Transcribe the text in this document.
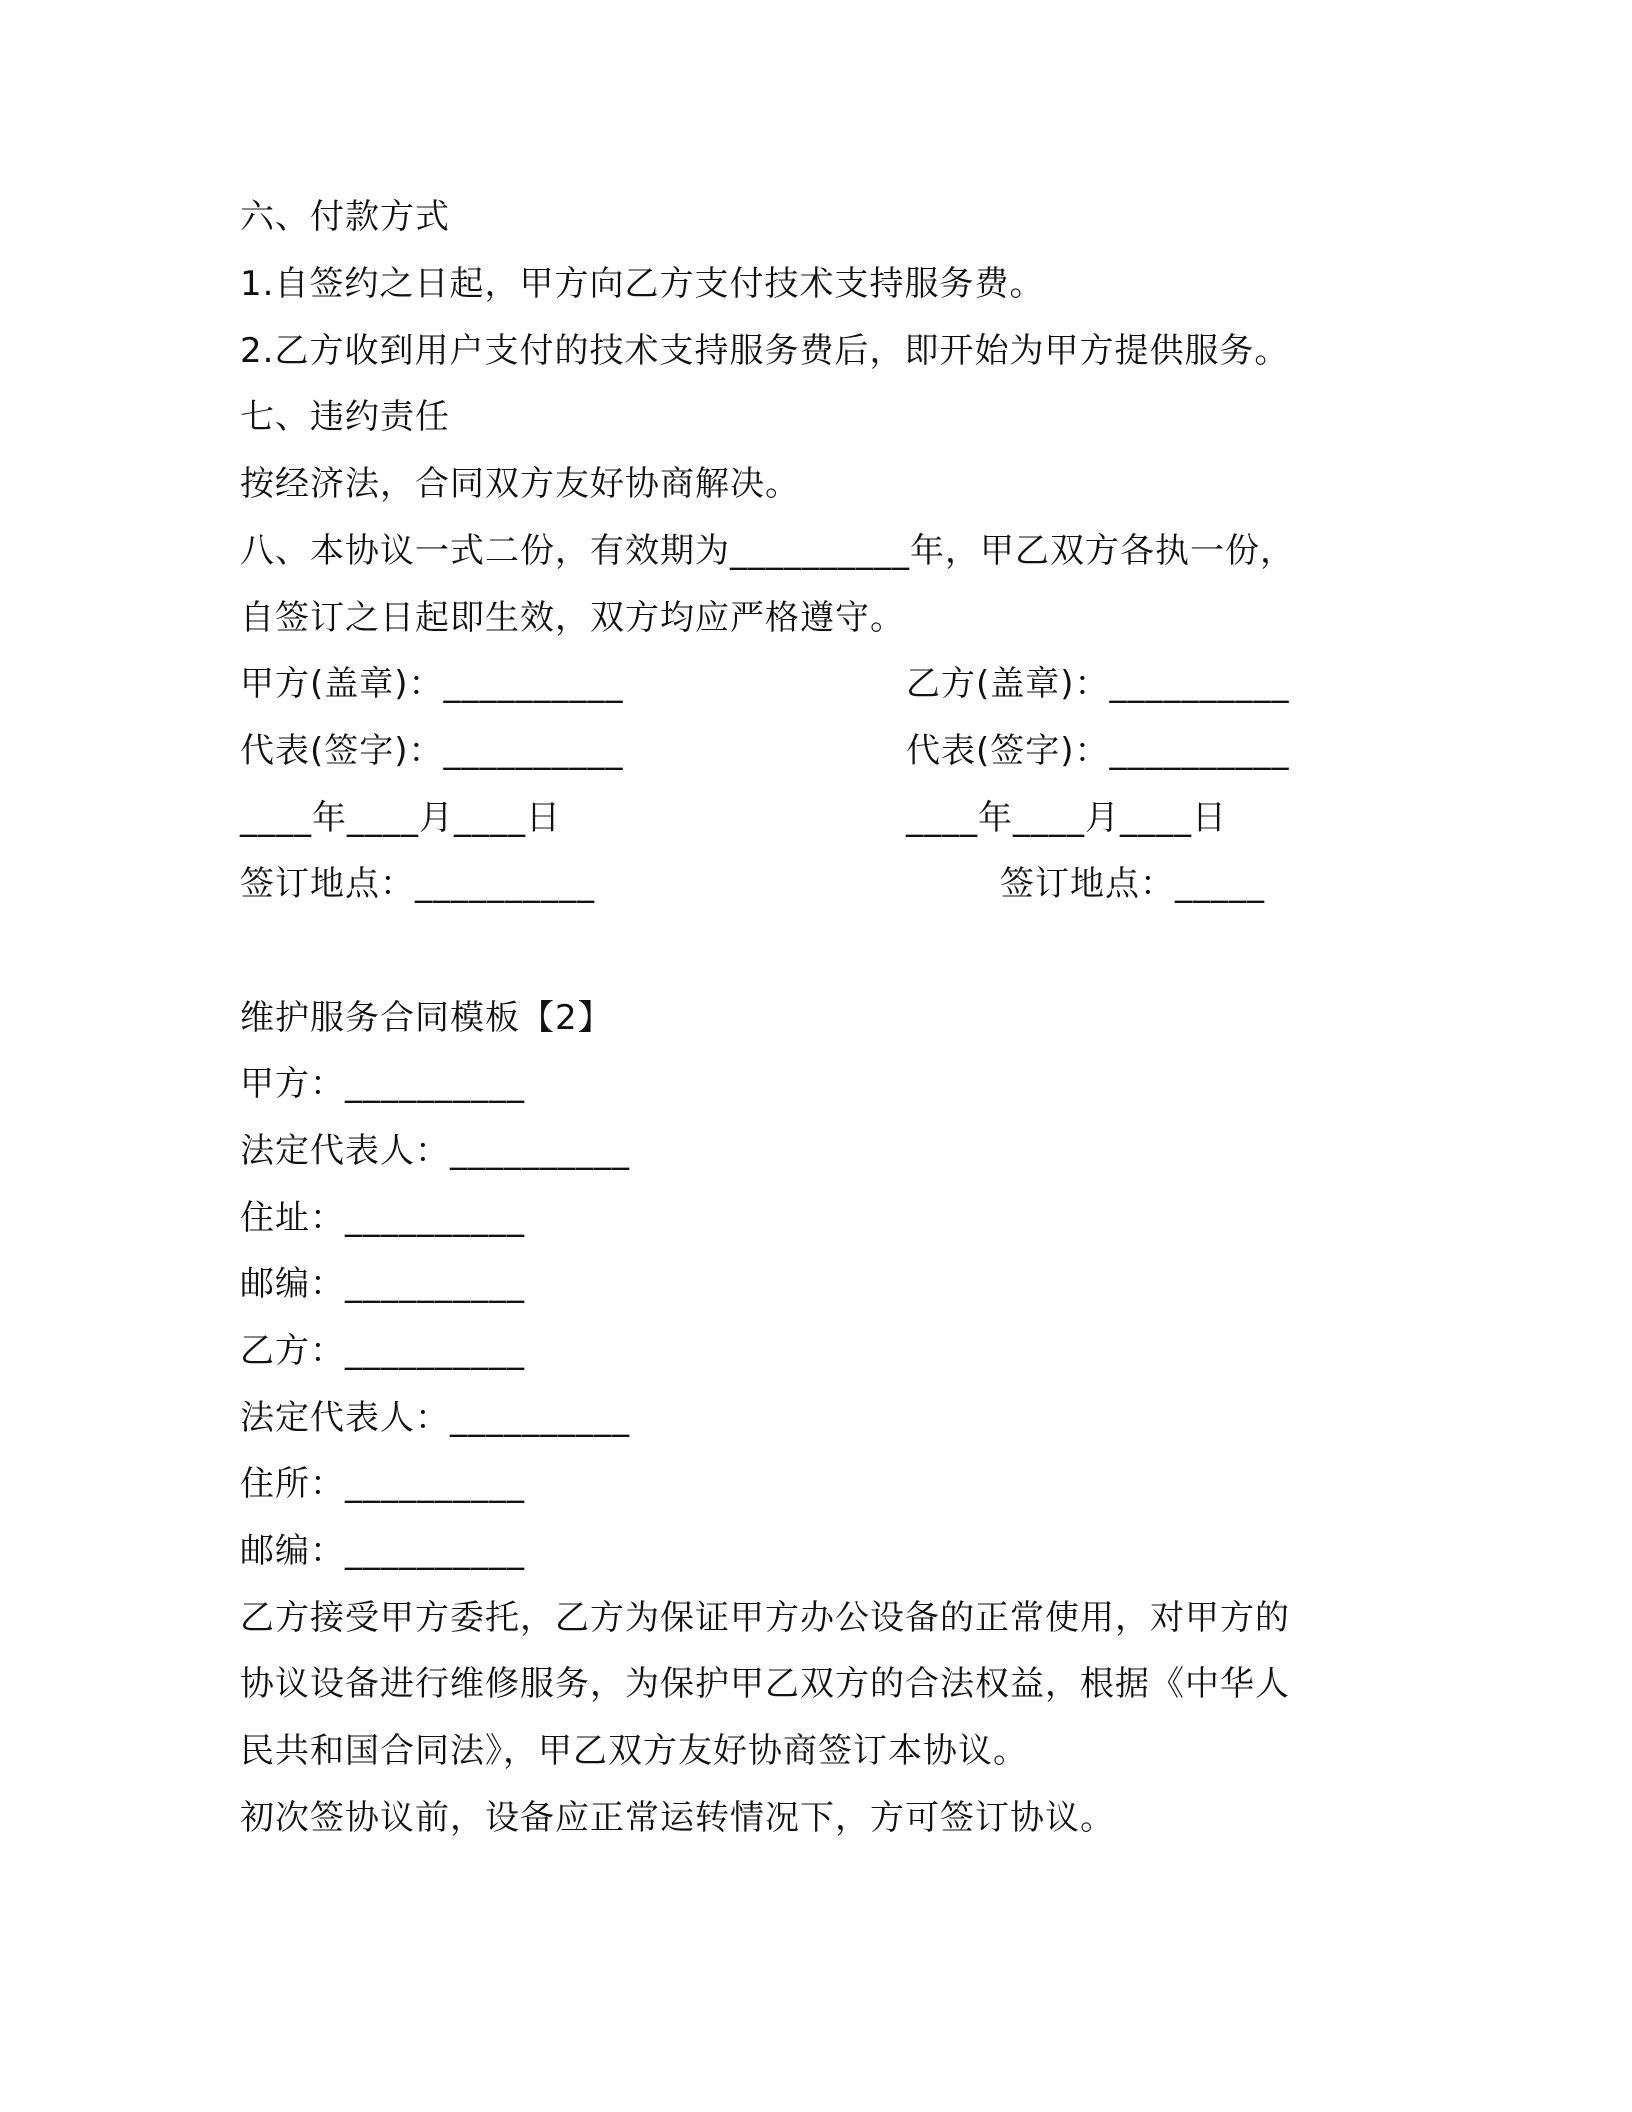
六、付款方式
1.自签约之日起，甲方向乙方支付技术支持服务费。
2.乙方收到用户支付的技术支持服务费后，即开始为甲方提供服务。
七、违约责任
按经济法，合同双方友好协商解决。
八、本协议一式二份，有效期为__________年，甲乙双方各执一份，
自签订之日起即生效，双方均应严格遵守。
甲方(盖章)：__________	乙方(盖章)：__________
代表(签字)：__________	代表(签字)：__________
____年____月____日	____年____月____日
签订地点：__________	签订地点：_____
维护服务合同模板【2】
甲方：__________
法定代表人：__________
住址：__________
邮编：__________
乙方：__________
法定代表人：__________
住所：__________
邮编：__________
乙方接受甲方委托，乙方为保证甲方办公设备的正常使用，对甲方的
协议设备进行维修服务，为保护甲乙双方的合法权益，根据《中华人
民共和国合同法》，甲乙双方友好协商签订本协议。
初次签协议前，设备应正常运转情况下，方可签订协议。
